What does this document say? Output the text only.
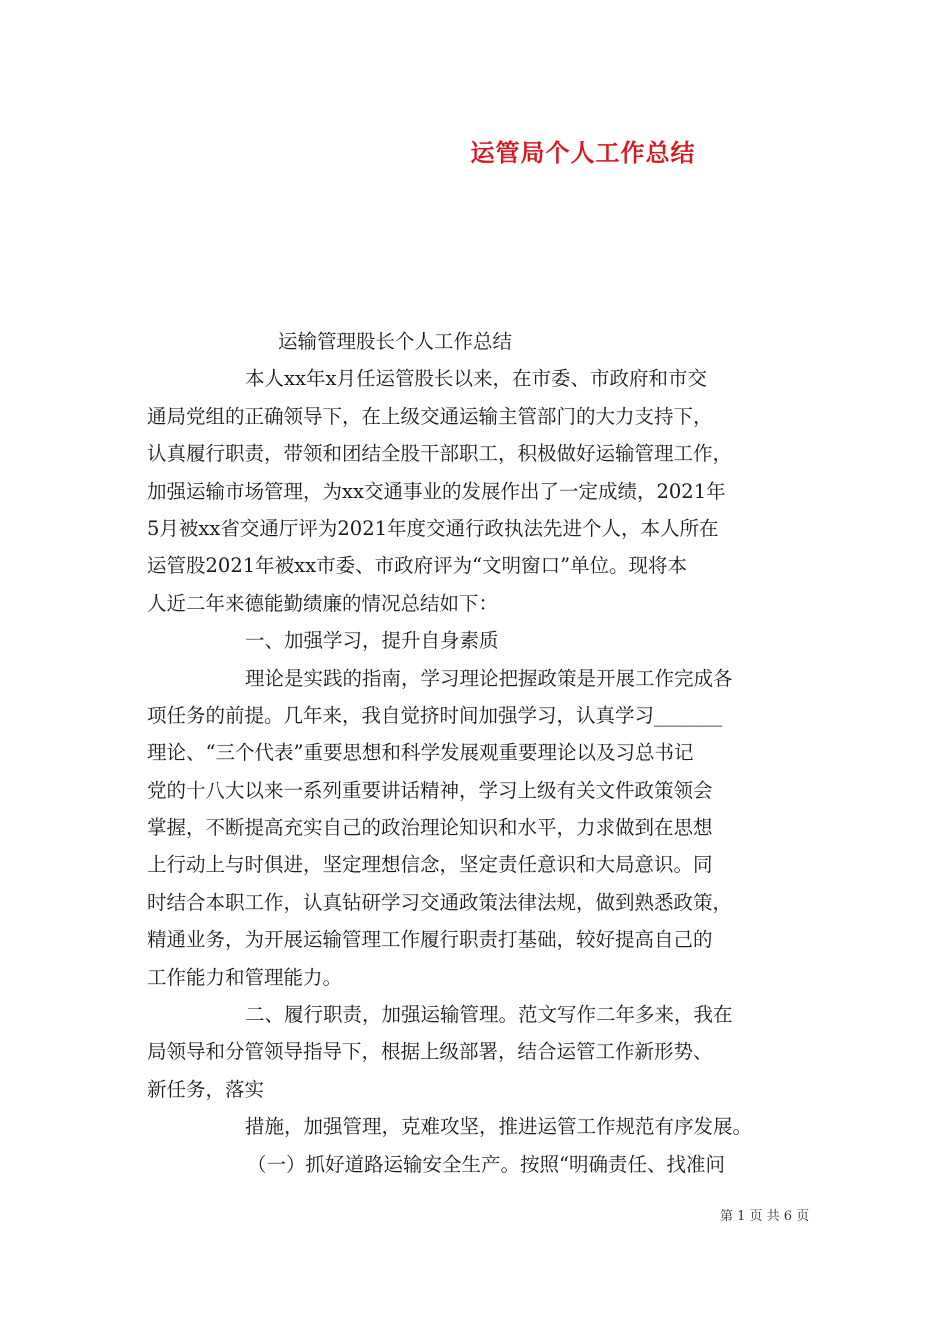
运管局个人工作总结
运输管理股长个人工作总结
本人xx年x月任运管股长以来，在市委、市政府和市交
通局党组的正确领导下，在上级交通运输主管部门的大力支持下，
认真履行职责，带领和团结全股干部职工，积极做好运输管理工作，
加强运输市场管理，为xx交通事业的发展作出了一定成绩，2021年
5月被xx省交通厅评为2021年度交通行政执法先进个人，本人所在
运管股2021年被xx市委、市政府评为“文明窗口”单位。现将本
人近二年来德能勤绩廉的情况总结如下：
一、加强学习，提升自身素质
理论是实践的指南，学习理论把握政策是开展工作完成各
项任务的前提。几年来，我自觉挤时间加强学习，认真学习_______
理论、“三个代表”重要思想和科学发展观重要理论以及习总书记
党的十八大以来一系列重要讲话精神，学习上级有关文件政策领会
掌握，不断提高充实自己的政治理论知识和水平，力求做到在思想
上行动上与时俱进，坚定理想信念，坚定责任意识和大局意识。同
时结合本职工作，认真钻研学习交通政策法律法规，做到熟悉政策，
精通业务，为开展运输管理工作履行职责打基础，较好提高自己的
工作能力和管理能力。
二、履行职责，加强运输管理。范文写作二年多来，我在
局领导和分管领导指导下，根据上级部署，结合运管工作新形势、
新任务，落实
措施，加强管理，克难攻坚，推进运管工作规范有序发展。
（一）抓好道路运输安全生产。按照“明确责任、找准问
第 1 页 共 6 页
